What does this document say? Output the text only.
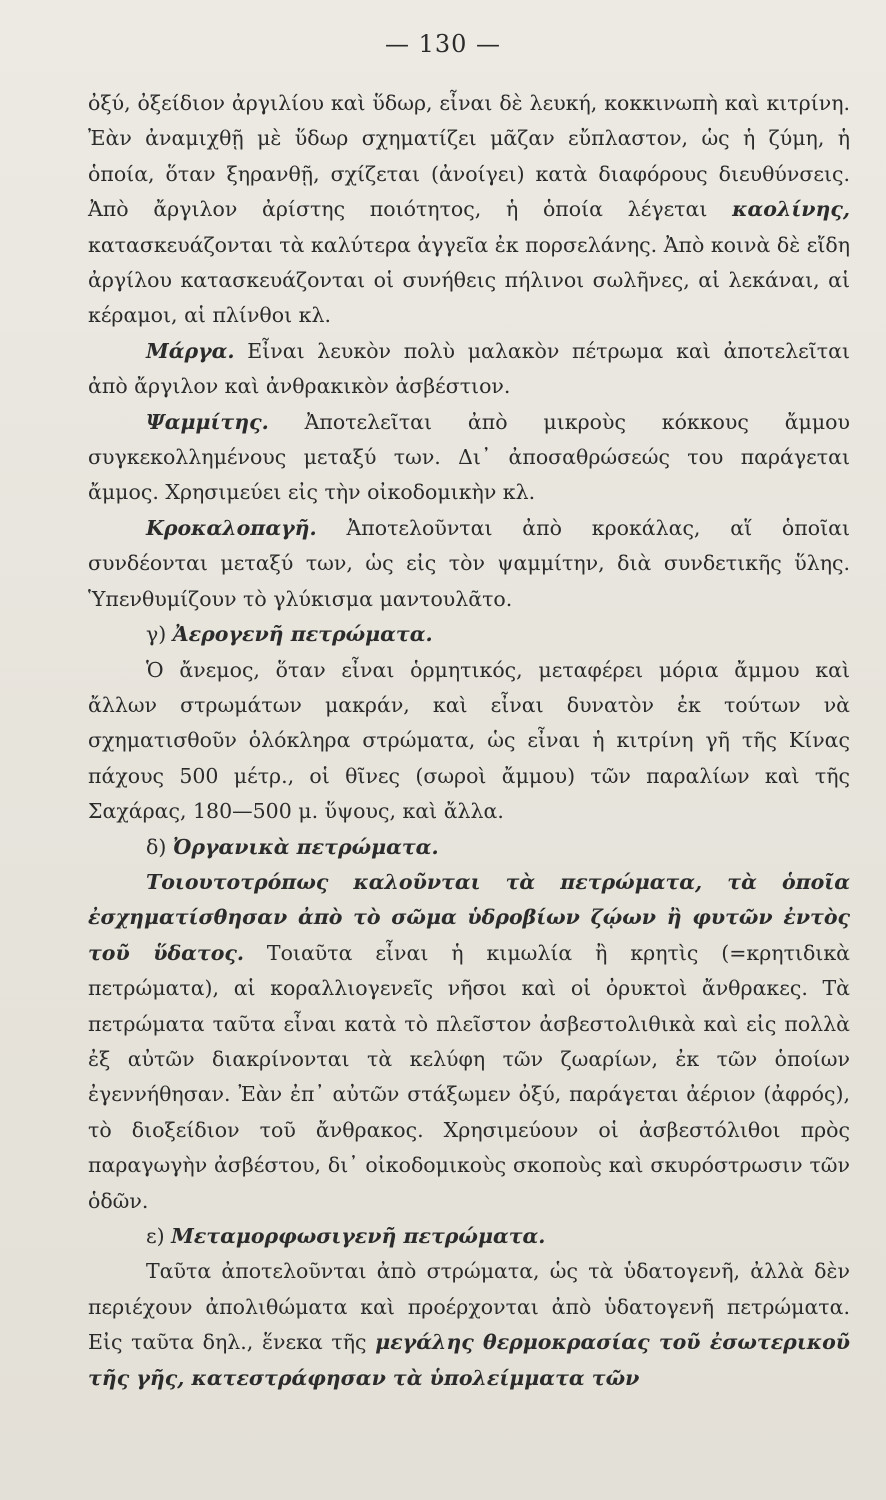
— 130 —

ὀξύ, ὀξείδιον ἀργιλίου καὶ ὕδωρ, εἶναι δὲ λευκή, κοκκινωπὴ καὶ κιτρίνη. Ἐὰν ἀναμιχθῇ μὲ ὕδωρ σχηματίζει μᾶζαν εὔπλαστον, ὡς ἡ ζύμη, ἡ ὁποία, ὅταν ξηρανθῇ, σχίζεται (ἀνοίγει) κατὰ διαφόρους διευθύνσεις. Ἀπὸ ἄργιλον ἀρίστης ποιότητος, ἡ ὁποία λέγεται καολίνης, κατασκευάζονται τὰ καλύτερα ἀγγεῖα ἐκ πορσελάνης. Ἀπὸ κοινὰ δὲ εἴδη ἀργίλου κατασκευάζονται οἱ συνήθεις πήλινοι σωλῆνες, αἱ λεκάναι, αἱ κέραμοι, αἱ πλίνθοι κλ.

Μάργα. Εἶναι λευκὸν πολὺ μαλακὸν πέτρωμα καὶ ἀποτελεῖται ἀπὸ ἄργιλον καὶ ἀνθρακικὸν ἀσβέστιον.

Ψαμμίτης. Ἀποτελεῖται ἀπὸ μικροὺς κόκκους ἄμμου συγκεκολλημένους μεταξύ των. Δι᾽ ἀποσαθρώσεώς του παράγεται ἄμμος. Χρησιμεύει εἰς τὴν οἰκοδομικὴν κλ.

Κροκαλοπαγῆ. Ἀποτελοῦνται ἀπὸ κροκάλας, αἵ ὁποῖαι συνδέονται μεταξύ των, ὡς εἰς τὸν ψαμμίτην, διὰ συνδετικῆς ὕλης. Ὑπενθυμίζουν τὸ γλύκισμα μαντουλᾶτο.

γ) Ἀερογενῆ πετρώματα.

Ὁ ἄνεμος, ὅταν εἶναι ὁρμητικός, μεταφέρει μόρια ἄμμου καὶ ἄλλων στρωμάτων μακράν, καὶ εἶναι δυνατὸν ἐκ τούτων νὰ σχηματισθοῦν ὁλόκληρα στρώματα, ὡς εἶναι ἡ κιτρίνη γῆ τῆς Κίνας πάχους 500 μέτρ., οἱ θῖνες (σωροὶ ἄμμου) τῶν παραλίων καὶ τῆς Σαχάρας, 180—500 μ. ὕψους, καὶ ἄλλα.

δ) Ὀργανικὰ πετρώματα.

Τοιουτοτρόπως καλοῦνται τὰ πετρώματα, τὰ ὁποῖα ἐσχηματίσθησαν ἀπὸ τὸ σῶμα ὑδροβίων ζῴων ἢ φυτῶν ἐντὸς τοῦ ὕδατος. Τοιαῦτα εἶναι ἡ κιμωλία ἢ κρητὶς (=κρητιδικὰ πετρώματα), αἱ κοραλλιογενεῖς νῆσοι καὶ οἱ ὀρυκτοὶ ἄνθρακες. Τὰ πετρώματα ταῦτα εἶναι κατὰ τὸ πλεῖστον ἀσβεστολιθικὰ καὶ εἰς πολλὰ ἐξ αὐτῶν διακρίνονται τὰ κελύφη τῶν ζωαρίων, ἐκ τῶν ὁποίων ἐγεννήθησαν. Ἐὰν ἐπ᾽ αὐτῶν στάξωμεν ὀξύ, παράγεται ἀέριον (ἀφρός), τὸ διοξείδιον τοῦ ἄνθρακος. Χρησιμεύουν οἱ ἀσβεστόλιθοι πρὸς παραγωγὴν ἀσβέστου, δι᾽ οἰκοδομικοὺς σκοποὺς καὶ σκυρόστρωσιν τῶν ὁδῶν.

ε) Μεταμορφωσιγενῆ πετρώματα.

Ταῦτα ἀποτελοῦνται ἀπὸ στρώματα, ὡς τὰ ὑδατογενῆ, ἀλλὰ δὲν περιέχουν ἀπολιθώματα καὶ προέρχονται ἀπὸ ὑδατογενῆ πετρώματα. Εἰς ταῦτα δηλ., ἕνεκα τῆς μεγάλης θερμοκρασίας τοῦ ἐσωτερικοῦ τῆς γῆς, κατεστράφησαν τὰ ὑπολείμματα τῶν
